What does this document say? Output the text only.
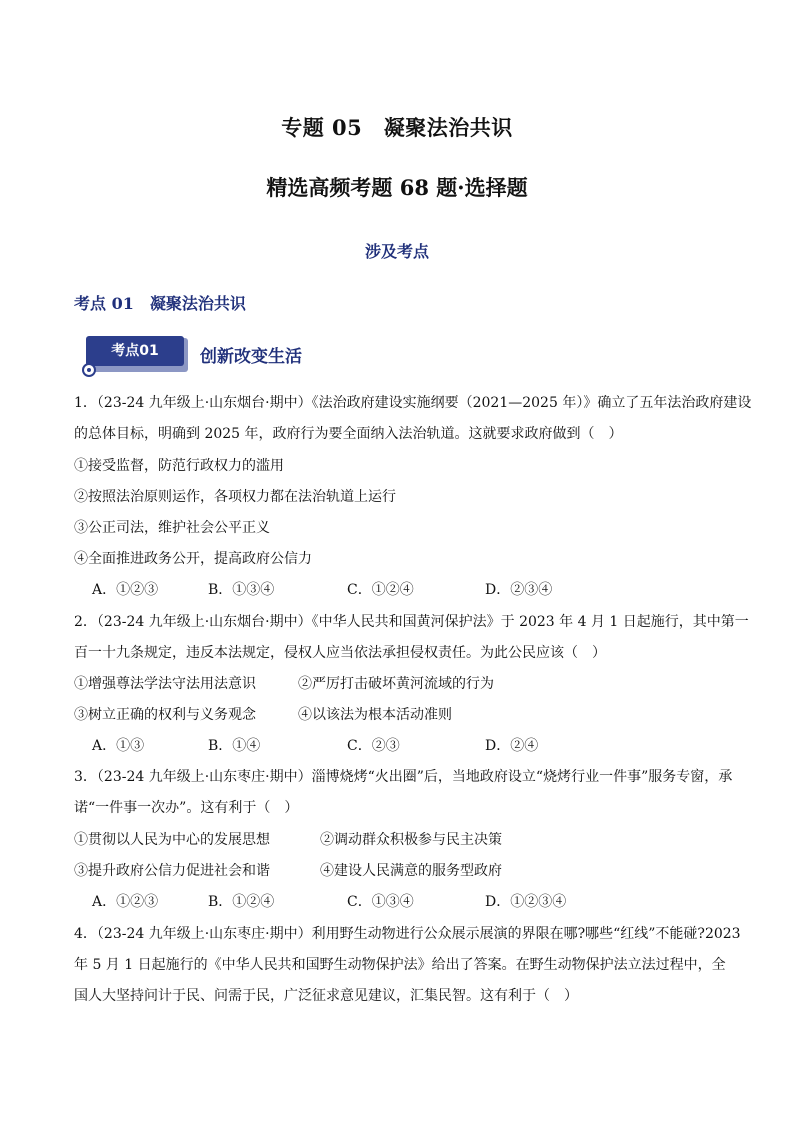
专题 05　凝聚法治共识
精选高频考题 68 题·选择题
涉及考点
考点 01　凝聚法治共识
考点01	创新改变生活
1．（23-24 九年级上·山东烟台·期中）《法治政府建设实施纲要（2021—2025 年）》确立了五年法治政府建设
的总体目标，明确到 2025 年，政府行为要全面纳入法治轨道。这就要求政府做到（　）
①接受监督，防范行政权力的滥用
②按照法治原则运作，各项权力都在法治轨道上运行
③公正司法，维护社会公平正义
④全面推进政务公开，提高政府公信力
A．①②③	B．①③④	C．①②④	D．②③④
2．（23-24 九年级上·山东烟台·期中）《中华人民共和国黄河保护法》于 2023 年 4 月 1 日起施行，其中第一
百一十九条规定，违反本法规定，侵权人应当依法承担侵权责任。为此公民应该（　）
①增强尊法学法守法用法意识	②严厉打击破坏黄河流域的行为
③树立正确的权利与义务观念	④以该法为根本活动准则
A．①③	B．①④	C．②③	D．②④
3．（23-24 九年级上·山东枣庄·期中）淄博烧烤“火出圈”后，当地政府设立“烧烤行业一件事”服务专窗，承
诺“一件事一次办”。这有利于（　）
①贯彻以人民为中心的发展思想	②调动群众积极参与民主决策
③提升政府公信力促进社会和谐	④建设人民满意的服务型政府
A．①②③	B．①②④	C．①③④	D．①②③④
4．（23-24 九年级上·山东枣庄·期中）利用野生动物进行公众展示展演的界限在哪?哪些“红线”不能碰?2023
年 5 月 1 日起施行的《中华人民共和国野生动物保护法》给出了答案。在野生动物保护法立法过程中，全
国人大坚持问计于民、问需于民，广泛征求意见建议，汇集民智。这有利于（　）
